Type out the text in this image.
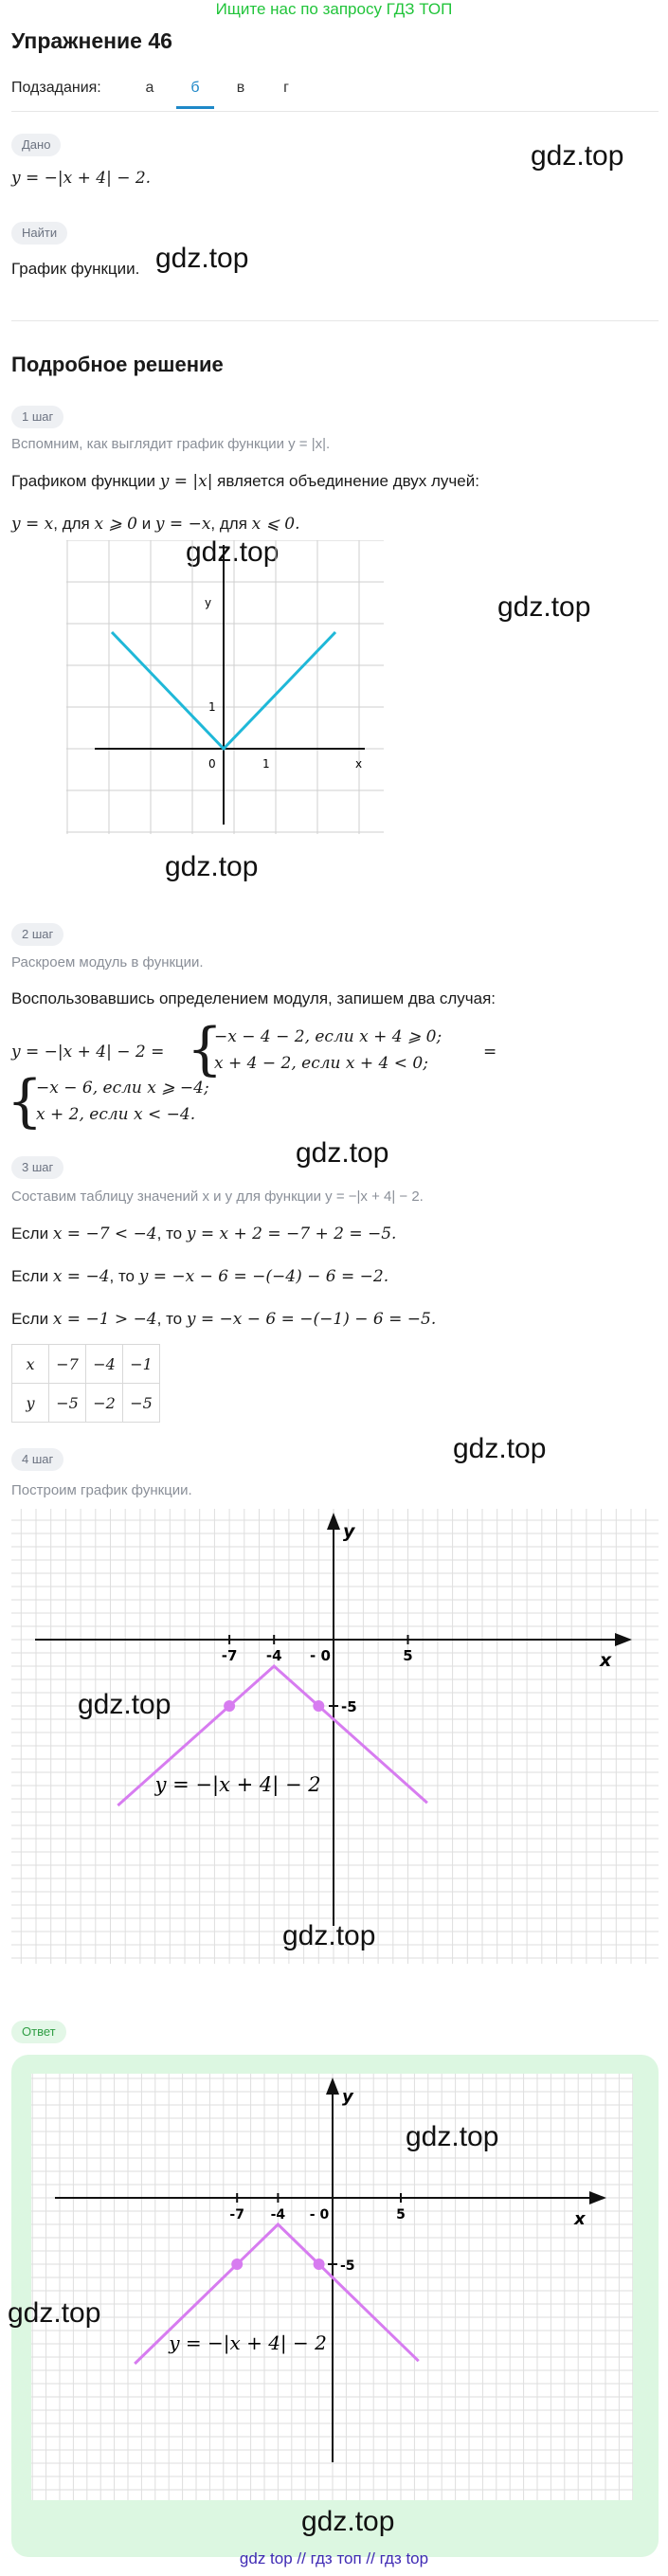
Ищите нас по запросу ГДЗ ТОП
Упражнение 46
Подзадания:	а	б	в	г
Дано
y = −|x + 4| − 2.
gdz.top
Найти
График функции. gdz.top
Подробное решение
1 шаг
Вспомним, как выглядит график функции y = |x|.
Графиком функции y = |x| является объединение двух лучей:
y = x, для x ⩾ 0 и y = −x, для x ⩽ 0.
gdz.top
gdz.top
y
x
0	1
1
gdz.top
2 шаг
Раскроем модуль в функции.
Воспользовавшись определением модуля, запишем два случая:
y = −|x + 4| − 2 = {
−x − 4 − 2, если x + 4 ⩾ 0;
x + 4 − 2, если x + 4 < 0;
=
{
−x − 6, если x ⩾ −4;
x + 2, если x < −4.
gdz.top
3 шаг
Составим таблицу значений x и y для функции y = −|x + 4| − 2.
Если x = −7 < −4, то y = x + 2 = −7 + 2 = −5.
Если x = −4, то y = −x − 6 = −(−4) − 6 = −2.
Если x = −1 > −4, то y = −x − 6 = −(−1) − 6 = −5.
x	−7	−4	−1
y	−5	−2	−5
gdz.top
4 шаг
Построим график функции.
y
x
-7 -4 - 0	5
-5
y = −|x + 4| − 2
gdz.top
gdz.top
Ответ
y
x
-7 -4 - 0	5
-5
y = −|x + 4| − 2
gdz.top
gdz.top
gdz.top
gdz top // гдз топ // гдз top
